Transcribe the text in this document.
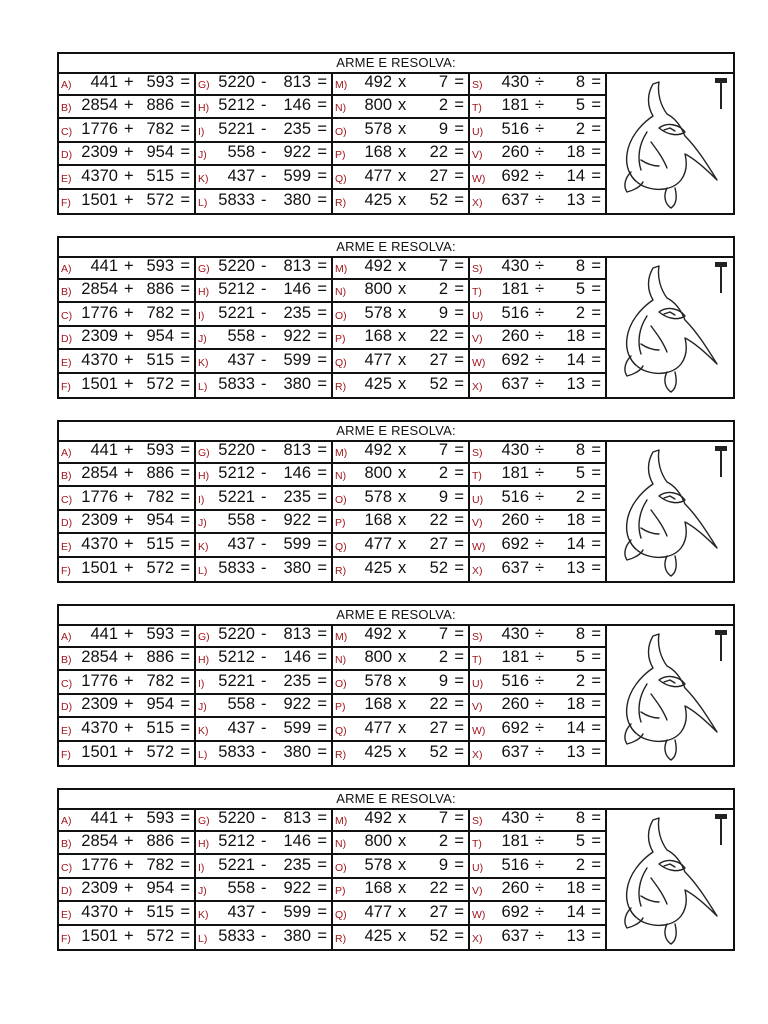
ARME E RESOLVA:
A) 441 + 593 = G) 5220 - 813 = M) 492 x 7 = S) 430 ÷ 8 =
B) 2854 + 886 = H) 5212 - 146 = N) 800 x 2 = T) 181 ÷ 5 =
C) 1776 + 782 = I) 5221 - 235 = O) 578 x 9 = U) 516 ÷ 2 =
D) 2309 + 954 = J) 558 - 922 = P) 168 x 22 = V) 260 ÷ 18 =
E) 4370 + 515 = K) 437 - 599 = Q) 477 x 27 = W) 692 ÷ 14 =
F) 1501 + 572 = L) 5833 - 380 = R) 425 x 52 = X) 637 ÷ 13 =
ARME E RESOLVA:
A) 441 + 593 = G) 5220 - 813 = M) 492 x 7 = S) 430 ÷ 8 =
B) 2854 + 886 = H) 5212 - 146 = N) 800 x 2 = T) 181 ÷ 5 =
C) 1776 + 782 = I) 5221 - 235 = O) 578 x 9 = U) 516 ÷ 2 =
D) 2309 + 954 = J) 558 - 922 = P) 168 x 22 = V) 260 ÷ 18 =
E) 4370 + 515 = K) 437 - 599 = Q) 477 x 27 = W) 692 ÷ 14 =
F) 1501 + 572 = L) 5833 - 380 = R) 425 x 52 = X) 637 ÷ 13 =
ARME E RESOLVA:
A) 441 + 593 = G) 5220 - 813 = M) 492 x 7 = S) 430 ÷ 8 =
B) 2854 + 886 = H) 5212 - 146 = N) 800 x 2 = T) 181 ÷ 5 =
C) 1776 + 782 = I) 5221 - 235 = O) 578 x 9 = U) 516 ÷ 2 =
D) 2309 + 954 = J) 558 - 922 = P) 168 x 22 = V) 260 ÷ 18 =
E) 4370 + 515 = K) 437 - 599 = Q) 477 x 27 = W) 692 ÷ 14 =
F) 1501 + 572 = L) 5833 - 380 = R) 425 x 52 = X) 637 ÷ 13 =
ARME E RESOLVA:
A) 441 + 593 = G) 5220 - 813 = M) 492 x 7 = S) 430 ÷ 8 =
B) 2854 + 886 = H) 5212 - 146 = N) 800 x 2 = T) 181 ÷ 5 =
C) 1776 + 782 = I) 5221 - 235 = O) 578 x 9 = U) 516 ÷ 2 =
D) 2309 + 954 = J) 558 - 922 = P) 168 x 22 = V) 260 ÷ 18 =
E) 4370 + 515 = K) 437 - 599 = Q) 477 x 27 = W) 692 ÷ 14 =
F) 1501 + 572 = L) 5833 - 380 = R) 425 x 52 = X) 637 ÷ 13 =
ARME E RESOLVA:
A) 441 + 593 = G) 5220 - 813 = M) 492 x 7 = S) 430 ÷ 8 =
B) 2854 + 886 = H) 5212 - 146 = N) 800 x 2 = T) 181 ÷ 5 =
C) 1776 + 782 = I) 5221 - 235 = O) 578 x 9 = U) 516 ÷ 2 =
D) 2309 + 954 = J) 558 - 922 = P) 168 x 22 = V) 260 ÷ 18 =
E) 4370 + 515 = K) 437 - 599 = Q) 477 x 27 = W) 692 ÷ 14 =
F) 1501 + 572 = L) 5833 - 380 = R) 425 x 52 = X) 637 ÷ 13 =
